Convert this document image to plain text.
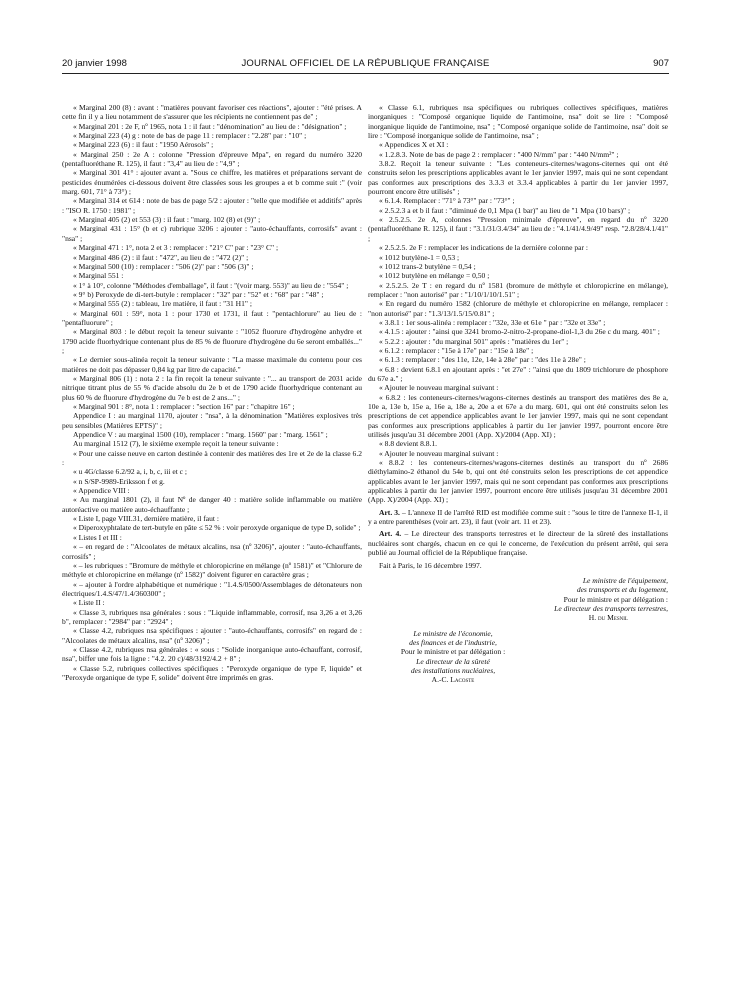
20 janvier 1998	JOURNAL OFFICIEL DE LA RÉPUBLIQUE FRANÇAISE	907

« Marginal 200 (8) : avant : "matières pouvant favoriser ces réactions", ajouter : "été prises. A cette fin il y a lieu notamment de s'assurer que les récipients ne contiennent pas de" ;

« Marginal 201 : 2e F, nº 1965, nota 1 : il faut : "dénomination" au lieu de : "désignation" ;

« Marginal 223 (4) g : note de bas de page 11 : remplacer : "2.28" par : "10" ;

« Marginal 223 (6) : il faut : "1950 Aérosols" ;

« Marginal 250 : 2e A : colonne "Pression d'épreuve Mpa", en regard du numéro 3220 (pentafluoréthane R. 125), il faut : "3,4" au lieu de : "4,9" ;

« Marginal 301 41° : ajouter avant a. "Sous ce chiffre, les matières et préparations servant de pesticides énumérées ci-dessous doivent être classées sous les groupes a et b comme suit :" (voir marg. 601, 71° à 73°) ;

« Marginal 314 et 614 : note de bas de page 5/2 : ajouter : "telle que modifiée et additifs" après : "ISO R. 1750 : 1981" ;

« Marginal 405 (2) et 553 (3) : il faut : "marg. 102 (8) et (9)" ;

« Marginal 431 : 15° (b et c) rubrique 3206 : ajouter : "auto-échauffants, corrosifs" avant : "nsa" ;

« Marginal 471 : 1°, nota 2 et 3 : remplacer : "21° C" par : "23° C" ;

« Marginal 486 (2) : il faut : "472", au lieu de : "472 (2)" ;

« Marginal 500 (10) : remplacer : "506 (2)" par : "506 (3)" ;

« Marginal 551 :

« 1° à 10°, colonne "Méthodes d'emballage", il faut : "(voir marg. 553)" au lieu de : "554" ;

« 9° b) Peroxyde de di-tert-butyle : remplacer : "32" par : "52" et : "68" par : "48" ;

« Marginal 555 (2) : tableau, 1re matière, il faut : "31 H1" ;

« Marginal 601 : 59°, nota 1 : pour 1730 et 1731, il faut : "pentachlorure" au lieu de : "pentafluorure" ;

« Marginal 803 : le début reçoit la teneur suivante : "1052 fluorure d'hydrogène anhydre et 1790 acide fluorhydrique contenant plus de 85 % de fluorure d'hydrogène du 6e seront emballés..." ;

« Le dernier sous-alinéa reçoit la teneur suivante : "La masse maximale du contenu pour ces matières ne doit pas dépasser 0,84 kg par litre de capacité."

« Marginal 806 (1) : nota 2 : la fin reçoit la teneur suivante : "... au transport de 2031 acide nitrique titrant plus de 55 % d'acide absolu du 2e b et de 1790 acide fluorhydrique contenant au plus 60 % de fluorure d'hydrogène du 7e b est de 2 ans..." ;

« Marginal 901 : 8°, nota 1 : remplacer : "section 16" par : "chapitre 16" ;

Appendice I : au marginal 1170, ajouter : "nsa", à la dénomination "Matières explosives très peu sensibles (Matières EPTS)" ;

Appendice V : au marginal 1500 (10), remplacer : "marg. 1560" par : "marg. 1561" ;

Au marginal 1512 (7), le sixième exemple reçoit la teneur suivante :

« Pour une caisse neuve en carton destinée à contenir des matières des 1re et 2e de la classe 6.2 :

« u 4G/classe 6.2/92 a, i, b, c, iii et c ;

« n S/SP-9989-Eriksson f et g.

« Appendice VIII :

« Au marginal 1801 (2), il faut Nº de danger 40 : matière solide inflammable ou matière autoréactive ou matière auto-échauffante ;

« Liste I, page VIII.31, dernière matière, il faut :

« Diperoxyphtalate de tert-butyle en pâte ≤ 52 % : voir peroxyde organique de type D, solide" ;

« Listes I et III :

« – en regard de : "Alcoolates de métaux alcalins, nsa (nº 3206)", ajouter : "auto-échauffants, corrosifs" ;

« – les rubriques : "Bromure de méthyle et chloropicrine en mélange (nº 1581)" et "Chlorure de méthyle et chloropicrine en mélange (nº 1582)" doivent figurer en caractère gras ;

« – ajouter à l'ordre alphabétique et numérique : "1.4.S/0500/Assemblages de détonateurs non électriques/1.4.S/47/1.4/360300" ;

« Liste II :

« Classe 3, rubriques nsa générales : sous : "Liquide inflammable, corrosif, nsa 3,26 a et 3,26 b", remplacer : "2984" par : "2924" ;

« Classe 4.2, rubriques nsa spécifiques : ajouter : "auto-échauffants, corrosifs" en regard de : "Alcoolates de métaux alcalins, nsa" (nº 3206)" ;

« Classe 4.2, rubriques nsa générales : « sous : "Solide inorganique auto-échauffant, corrosif, nsa", biffer une fois la ligne : "4.2. 20 c)/48/3192/4.2 + 8" ;

« Classe 5.2, rubriques collectives spécifiques : "Peroxyde organique de type F, liquide" et "Peroxyde organique de type F, solide" doivent être imprimés en gras.

« Classe 6.1, rubriques nsa spécifiques ou rubriques collectives spécifiques, matières inorganiques : "Composé organique liquide de l'antimoine, nsa" doit se lire : "Composé inorganique liquide de l'antimoine, nsa" ; "Composé organique solide de l'antimoine, nsa" doit se lire : "Composé inorganique solide de l'antimoine, nsa" ;

« Appendices X et XI :

« 1.2.8.3. Note de bas de page 2 : remplacer : "400 N/mm" par : "440 N/mm²" ;

3.8.2. Reçoit la teneur suivante : "Les conteneurs-citernes/wagons-citernes qui ont été construits selon les prescriptions applicables avant le 1er janvier 1997, mais qui ne sont cependant pas conformes aux prescriptions des 3.3.3 et 3.3.4 applicables à partir du 1er janvier 1997, pourront encore être utilisés" ;

« 6.1.4. Remplacer : "71° à 73°" par : "73°" ;

« 2.5.2.3 a et b il faut : "diminué de 0,1 Mpa (1 bar)" au lieu de "1 Mpa (10 bars)" ;

« 2.5.2.5. 2e A, colonnes "Pression minimale d'épreuve", en regard du nº 3220 (pentafluoréthane R. 125), il faut : "3.1/31/3.4/34" au lieu de : "4.1/41/4.9/49" resp. "2.8/28/4.1/41" ;

« 2.5.2.5. 2e F : remplacer les indications de la dernière colonne par :

« 1012 butylène-1 = 0,53 ;

« 1012 trans-2 butylène = 0,54 ;

« 1012 butylène en mélange = 0,50 ;

« 2.5.2.5. 2e T : en regard du nº 1581 (bromure de méthyle et chloropicrine en mélange), remplacer : "non autorisé" par : "1/10/1/10/1.51" ;

« En regard du numéro 1582 (chlorure de méthyle et chloropicrine en mélange, remplacer : "non autorisé" par : "1.3/13/1.5/15/0.81" ;

« 3.8.1 : 1er sous-alinéa : remplacer : "32e, 33e et 61e " par : "32e et 33e" ;

« 4.1.5 : ajouter : "ainsi que 3241 bromo-2-nitro-2-propane-diol-1,3 du 26e c du marg. 401" ;

« 5.2.2 : ajouter : "du marginal 501" après : "matières du 1er" ;

« 6.1.2 : remplacer : "15e à 17e" par : "15e à 18e" ;

« 6.1.3 : remplacer : "des 11e, 12e, 14e à 28e" par : "des 11e à 28e" ;

« 6.8 : devient 6.8.1 en ajoutant après : "et 27e" : "ainsi que du 1809 trichlorure de phosphore du 67e a." ;

« Ajouter le nouveau marginal suivant :

« 6.8.2 : les conteneurs-citernes/wagons-citernes destinés au transport des matières des 8e a, 10e a, 13e b, 15e a, 16e a, 18e a, 20e a et 67e a du marg. 601, qui ont été construits selon les prescriptions de cet appendice applicables avant le 1er janvier 1997, mais qui ne sont cependant pas conformes aux prescriptions applicables à partir du 1er janvier 1997, pourront encore être utilisés jusqu'au 31 décembre 2001 (App. X)/2004 (App. XI) ;

« 8.8 devient 8.8.1.

« Ajouter le nouveau marginal suivant :

« 8.8.2 : les conteneurs-citernes/wagons-citernes destinés au transport du nº 2686 diéthylamino-2 éthanol du 54e b, qui ont été construits selon les prescriptions de cet appendice applicables avant le 1er janvier 1997, mais qui ne sont cependant pas conformes aux prescriptions applicables à partir du 1er janvier 1997, pourront encore être utilisés jusqu'au 31 décembre 2001 (App. X)/2004 (App. XI) ;

Art. 3. – L'annexe II de l'arrêté RID est modifiée comme suit : "sous le titre de l'annexe II-1, il y a entre parenthèses (voir art. 23), il faut (voir art. 11 et 23).

Art. 4. – Le directeur des transports terrestres et le directeur de la sûreté des installations nucléaires sont chargés, chacun en ce qui le concerne, de l'exécution du présent arrêté, qui sera publié au Journal officiel de la République française.

Fait à Paris, le 16 décembre 1997.

Le ministre de l'équipement,

des transports et du logement,

Pour le ministre et par délégation :

Le directeur des transports terrestres,

H. du Mesnil

Le ministre de l'économie,

des finances et de l'industrie,

Pour le ministre et par délégation :

Le directeur de la sûreté

des installations nucléaires,

A.-C. Lacoste
